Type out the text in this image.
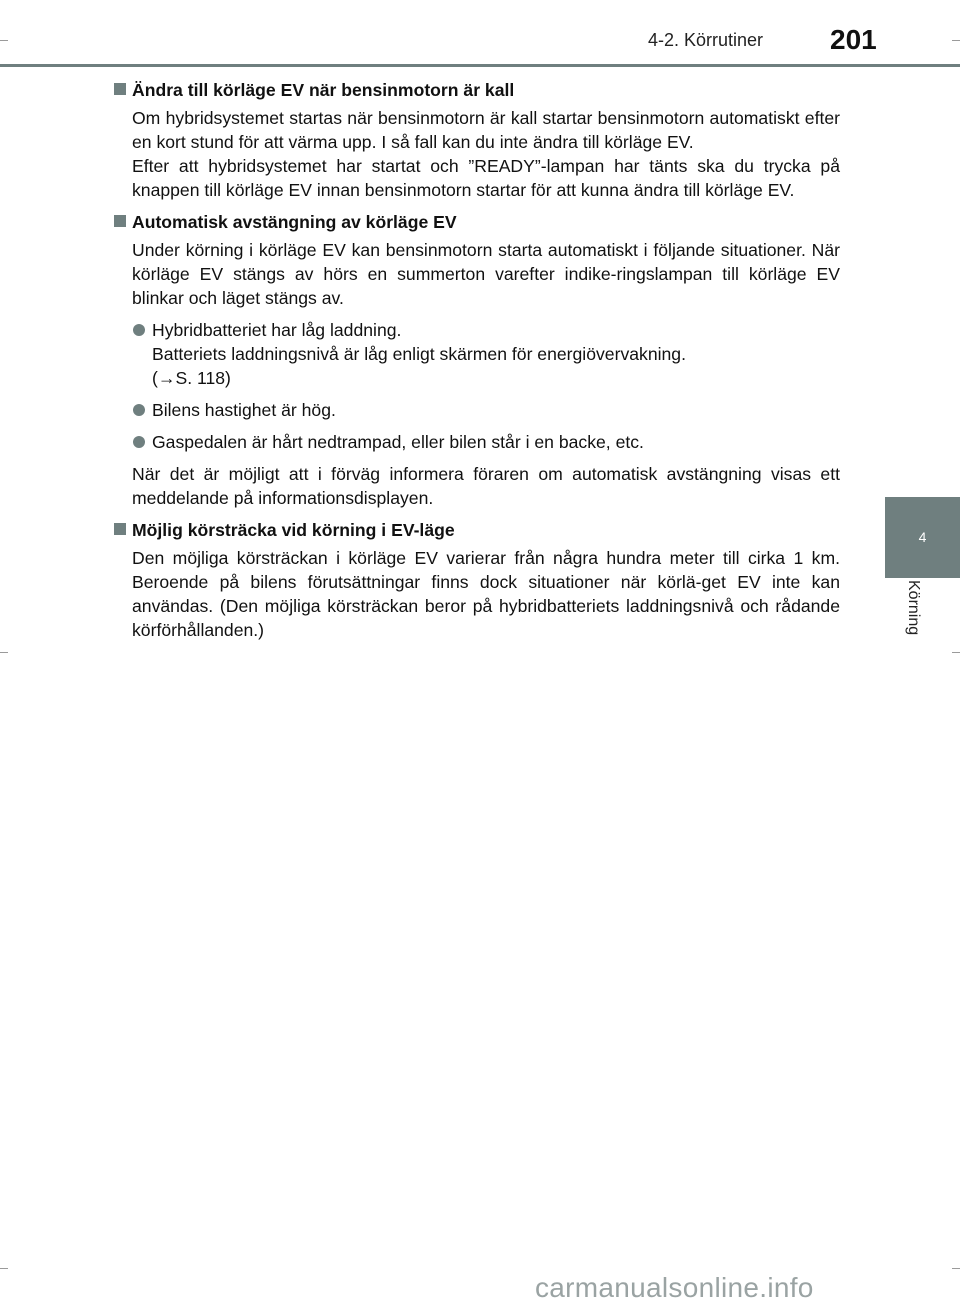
4-2. Körrutiner 201
4
Körning
Ändra till körläge EV när bensinmotorn är kall

Om hybridsystemet startas när bensinmotorn är kall startar bensinmotorn automatiskt efter en kort stund för att värma upp. I så fall kan du inte ändra till körläge EV.

Efter att hybridsystemet har startat och ”READY”-lampan har tänts ska du trycka på knappen till körläge EV innan bensinmotorn startar för att kunna ändra till körläge EV.

Automatisk avstängning av körläge EV

Under körning i körläge EV kan bensinmotorn starta automatiskt i följande situationer. När körläge EV stängs av hörs en summerton varefter indike-ringslampan till körläge EV blinkar och läget stängs av.

Hybridbatteriet har låg laddning.
Batteriets laddningsnivå är låg enligt skärmen för energiövervakning.
(→S. 118)
Bilens hastighet är hög.
Gaspedalen är hårt nedtrampad, eller bilen står i en backe, etc.

När det är möjligt att i förväg informera föraren om automatisk avstängning visas ett meddelande på informationsdisplayen.

Möjlig körsträcka vid körning i EV-läge

Den möjliga körsträckan i körläge EV varierar från några hundra meter till cirka 1 km. Beroende på bilens förutsättningar finns dock situationer när körlä-get EV inte kan användas. (Den möjliga körsträckan beror på hybridbatteriets laddningsnivå och rådande körförhållanden.)

carmanualsonline.info
